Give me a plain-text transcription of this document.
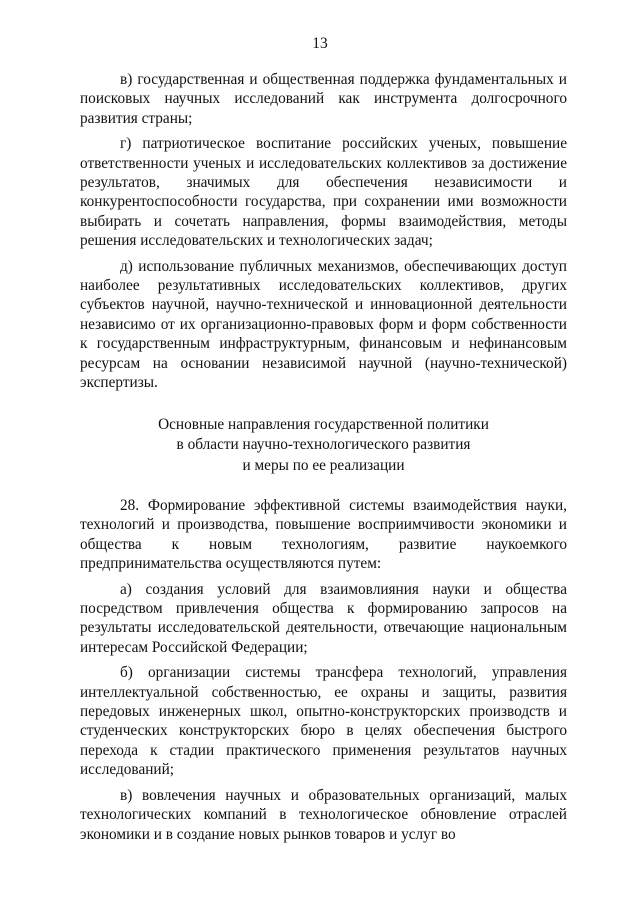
13

в) государственная и общественная поддержка фундаментальных и поисковых научных исследований как инструмента долгосрочного развития страны;

г) патриотическое воспитание российских ученых, повышение ответственности ученых и исследовательских коллективов за достижение результатов, значимых для обеспечения независимости и конкурентоспособности государства, при сохранении ими возможности выбирать и сочетать направления, формы взаимодействия, методы решения исследовательских и технологических задач;

д) использование публичных механизмов, обеспечивающих доступ наиболее результативных исследовательских коллективов, других субъектов научной, научно-технической и инновационной деятельности независимо от их организационно-правовых форм и форм собственности к государственным инфраструктурным, финансовым и нефинансовым ресурсам на основании независимой научной (научно-технической) экспертизы.

Основные направления государственной политики
в области научно-технологического развития
и меры по ее реализации

28. Формирование эффективной системы взаимодействия науки, технологий и производства, повышение восприимчивости экономики и общества к новым технологиям, развитие наукоемкого предпринимательства осуществляются путем:

а) создания условий для взаимовлияния науки и общества посредством привлечения общества к формированию запросов на результаты исследовательской деятельности, отвечающие национальным интересам Российской Федерации;

б) организации системы трансфера технологий, управления интеллектуальной собственностью, ее охраны и защиты, развития передовых инженерных школ, опытно-конструкторских производств и студенческих конструкторских бюро в целях обеспечения быстрого перехода к стадии практического применения результатов научных исследований;

в) вовлечения научных и образовательных организаций, малых технологических компаний в технологическое обновление отраслей экономики и в создание новых рынков товаров и услуг во
